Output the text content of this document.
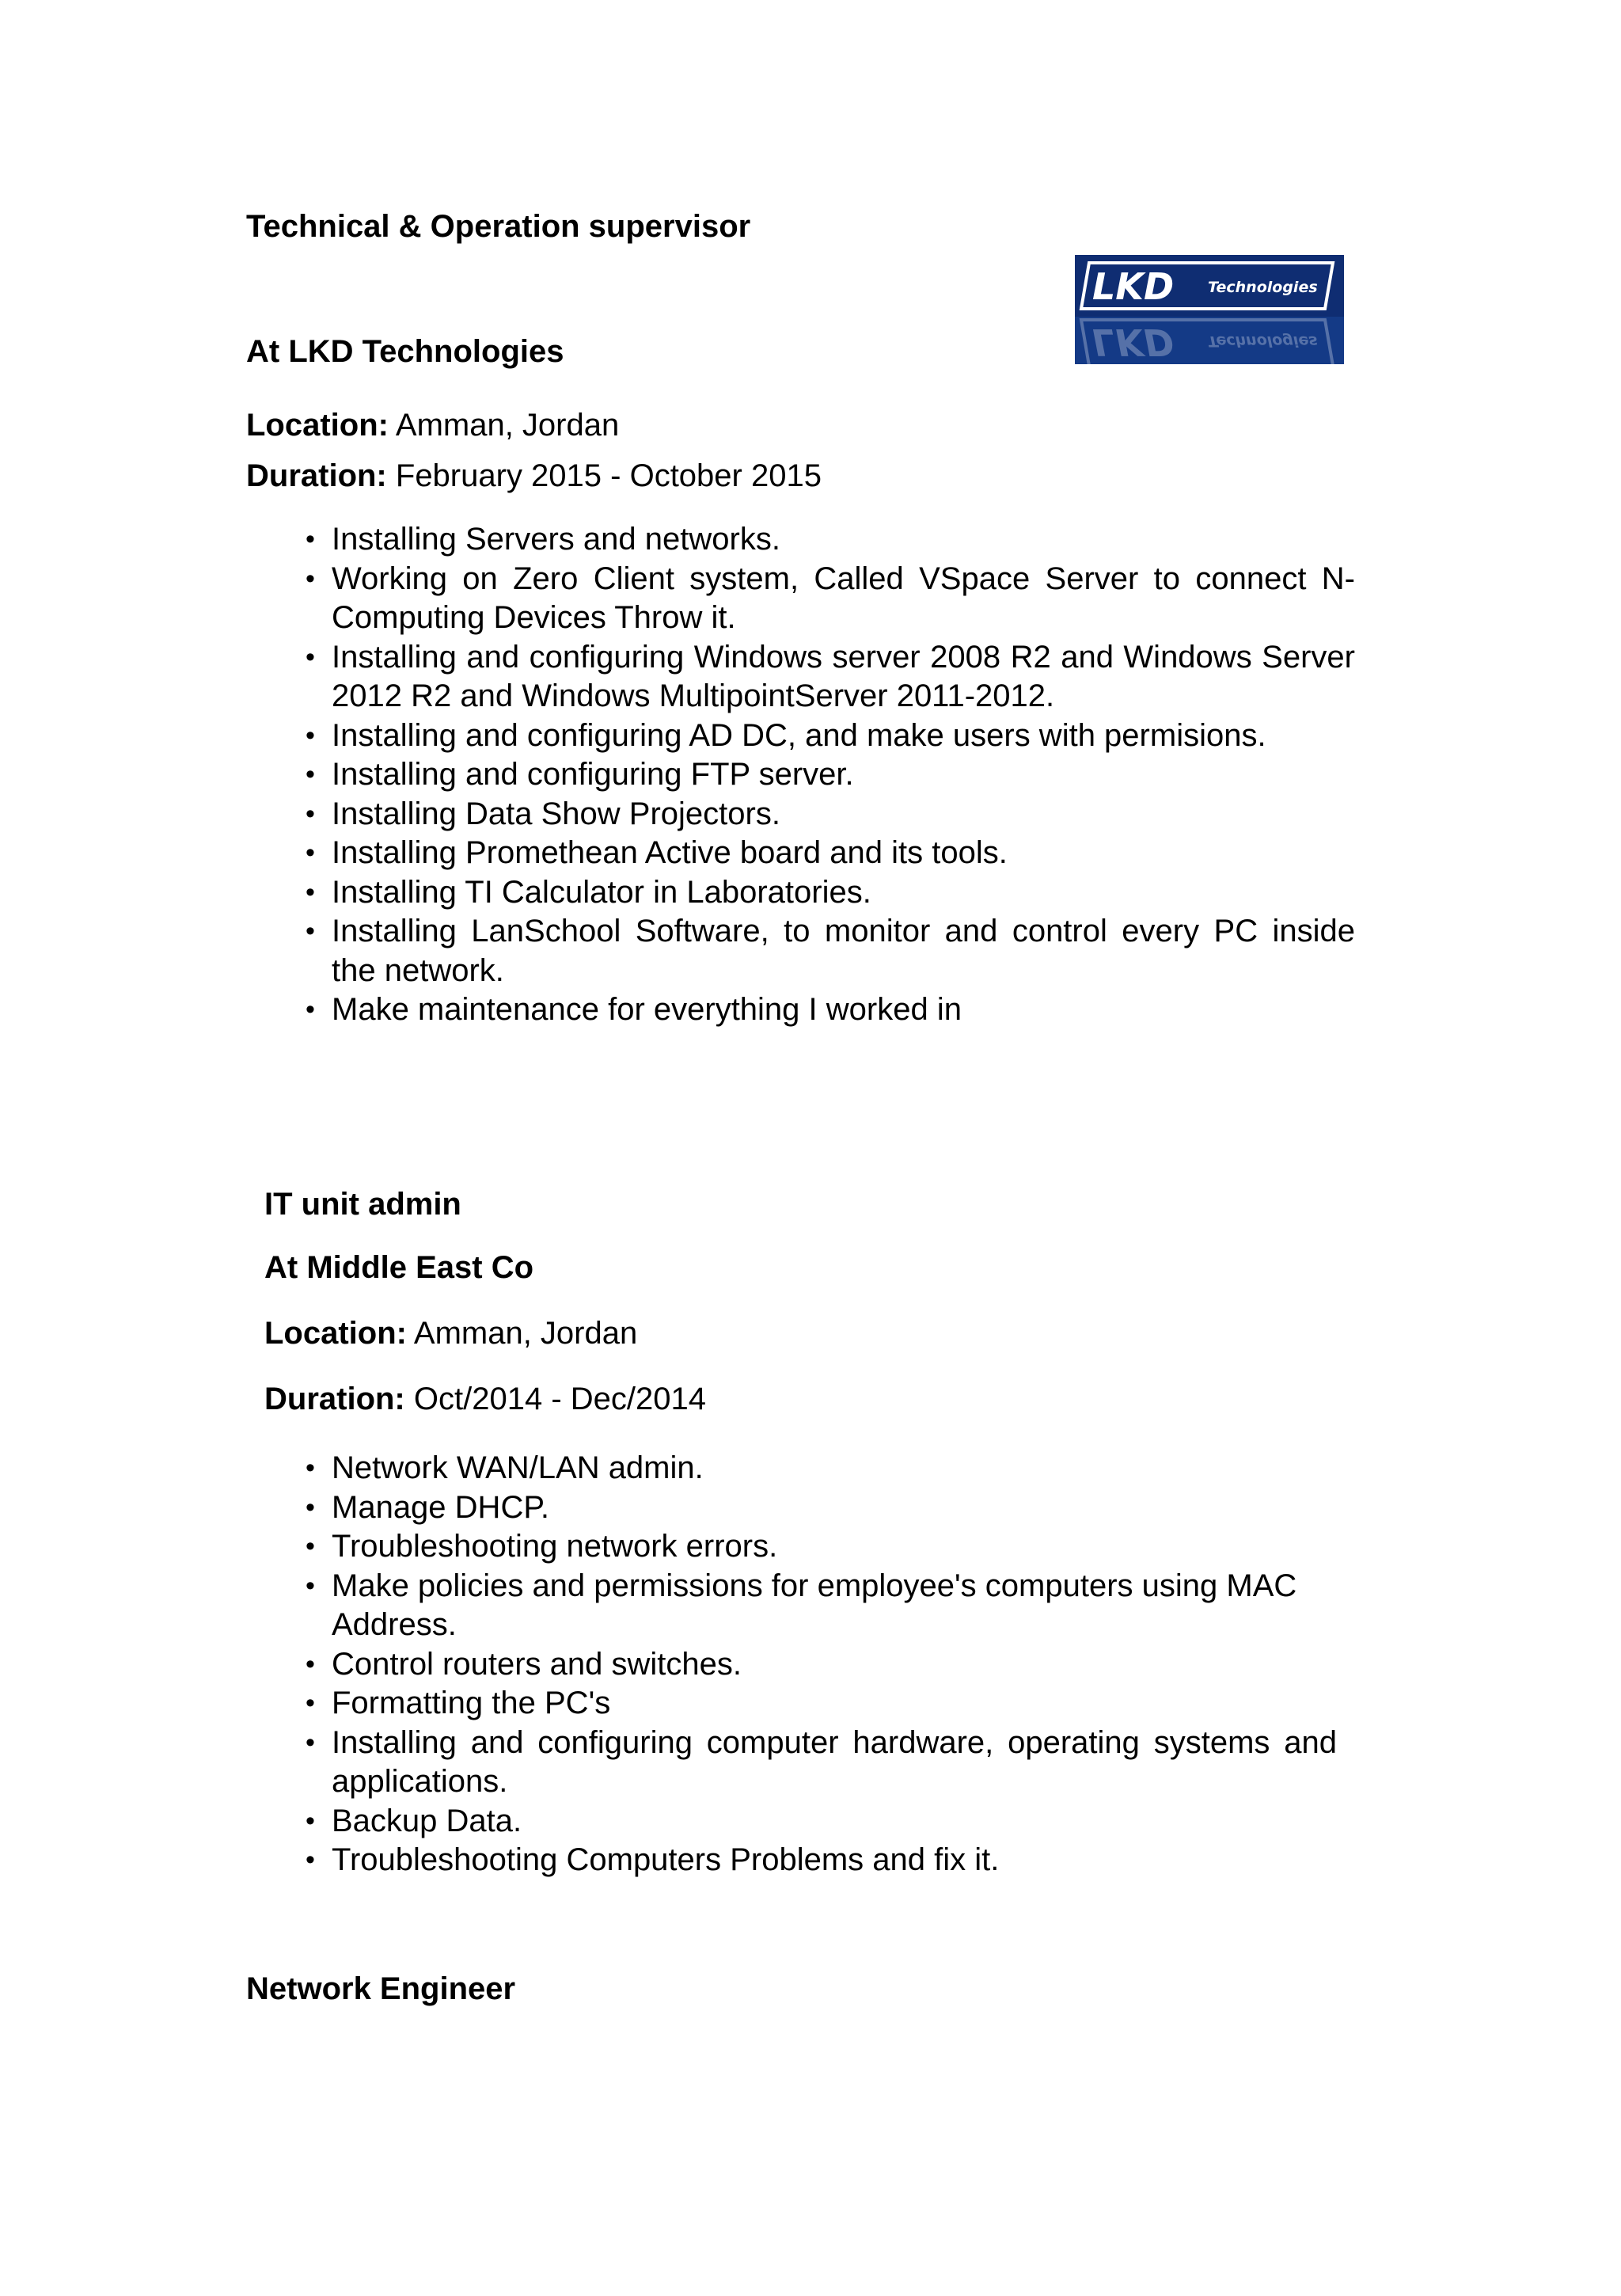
Technical & Operation supervisor
LKD Technologies
LKD Technologies
At LKD Technologies

Location: Amman, Jordan

Duration: February 2015 - October 2015

• Installing Servers and networks.
• Working on Zero Client system, Called VSpace Server to connect N-Computing Devices Throw it.
• Installing and configuring Windows server 2008 R2 and Windows Server 2012 R2 and Windows MultipointServer 2011-2012.
• Installing and configuring AD DC, and make users with permisions.
• Installing and configuring FTP server.
• Installing Data Show Projectors.
• Installing Promethean Active board and its tools.
• Installing TI Calculator in Laboratories.
• Installing LanSchool Software, to monitor and control every PC inside the network.
• Make maintenance for everything I worked in
IT unit admin
At Middle East Co

Location: Amman, Jordan

Duration: Oct/2014 - Dec/2014

• Network WAN/LAN admin.
• Manage DHCP.
• Troubleshooting network errors.
• Make policies and permissions for employee's computers using MAC Address.
• Control routers and switches.
• Formatting the PC's
• Installing and configuring computer hardware, operating systems and applications.
• Backup Data.
• Troubleshooting Computers Problems and fix it.
Network Engineer
